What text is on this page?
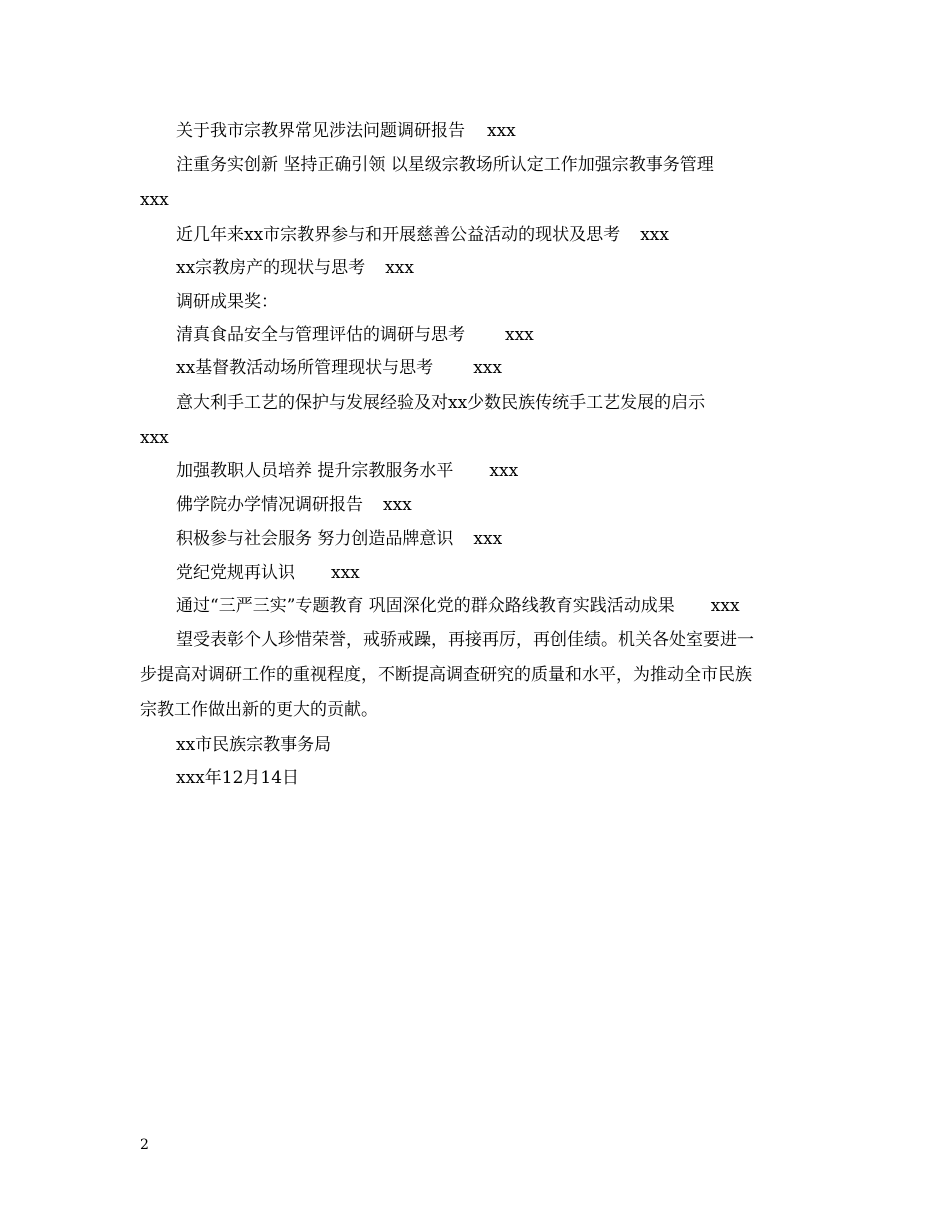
关于我市宗教界常见涉法问题调研报告 xxx
注重务实创新 坚持正确引领 以星级宗教场所认定工作加强宗教事务管理
xxx
近几年来xx市宗教界参与和开展慈善公益活动的现状及思考 xxx
xx宗教房产的现状与思考 xxx
调研成果奖：
清真食品安全与管理评估的调研与思考 xxx
xx基督教活动场所管理现状与思考 xxx
意大利手工艺的保护与发展经验及对xx少数民族传统手工艺发展的启示
xxx
加强教职人员培养 提升宗教服务水平 xxx
佛学院办学情况调研报告 xxx
积极参与社会服务 努力创造品牌意识 xxx
党纪党规再认识 xxx
通过“三严三实”专题教育 巩固深化党的群众路线教育实践活动成果 xxx
望受表彰个人珍惜荣誉，戒骄戒躁，再接再厉，再创佳绩。机关各处室要进一
步提高对调研工作的重视程度，不断提高调查研究的质量和水平，为推动全市民族
宗教工作做出新的更大的贡献。
xx市民族宗教事务局
xxx年12月14日
2
